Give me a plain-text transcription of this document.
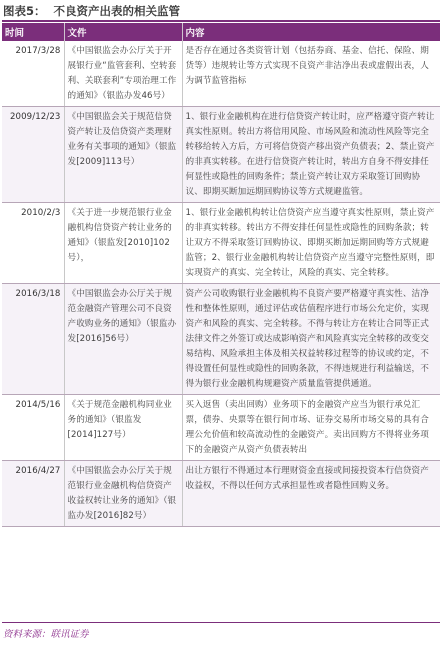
图表5： 不良资产出表的相关监管
时间	文件	内容
2017/3/28	《中国银监会办公厅关于开展银行业“监管套利、空转套利、关联套利”专项治理工作的通知》（银监办发46号）	是否存在通过各类资管计划（包括券商、基金、信托、保险、期货等）违规转让等方式实现不良资产非洁净出表或虚假出表，人为调节监管指标
2009/12/23	《中国银监会关于规范信贷资产转让及信贷资产类理财业务有关事项的通知》（银监发[2009]113号）	1、银行业金融机构在进行信贷资产转让时，应严格遵守资产转让真实性原则。转出方将信用风险、市场风险和流动性风险等完全转移给转入方后，方可将信贷资产移出资产负债表；2、禁止资产的非真实转移。在进行信贷资产转让时，转出方自身不得安排任何显性或隐性的回购条件；禁止资产转让双方采取签订回购协议、即期买断加远期回购协议等方式规避监管。
2010/2/3	《关于进一步规范银行业金融机构信贷资产转让业务的通知》（银监发[2010]102号），	1、银行业金融机构转让信贷资产应当遵守真实性原则，禁止资产的非真实转移。转出方不得安排任何显性或隐性的回购条款；转让双方不得采取签订回购协议、即期买断加远期回购等方式规避监管；2、银行业金融机构转让信贷资产应当遵守完整性原则，即实现资产的真实、完全转让，风险的真实、完全转移。
2016/3/18	《中国银监会办公厅关于规范金融资产管理公司不良资产收购业务的通知》（银监办发[2016]56号）	资产公司收购银行业金融机构不良资产要严格遵守真实性、洁净性和整体性原则，通过评估或估值程序进行市场公允定价，实现资产和风险的真实、完全转移。不得与转让方在转让合同等正式法律文件之外签订或达成影响资产和风险真实完全转移的改变交易结构、风险承担主体及相关权益转移过程等的协议或约定，不得设置任何显性或隐性的回购条款，不得违规进行利益输送，不得为银行业金融机构规避资产质量监管提供通道。
2014/5/16	《关于规范金融机构同业业务的通知》（银监发[2014]127号）	买入返售（卖出回购）业务项下的金融资产应当为银行承兑汇票，债券、央票等在银行间市场、证券交易所市场交易的具有合理公允价值和较高流动性的金融资产。卖出回购方不得将业务项下的金融资产从资产负债表转出
2016/4/27	《中国银监会办公厅关于规范银行业金融机构信贷资产收益权转让业务的通知》（银监办发[2016]82号）	出让方银行不得通过本行理财资金直接或间接投资本行信贷资产收益权，不得以任何方式承担显性或者隐性回购义务。
资料来源：联讯证券
